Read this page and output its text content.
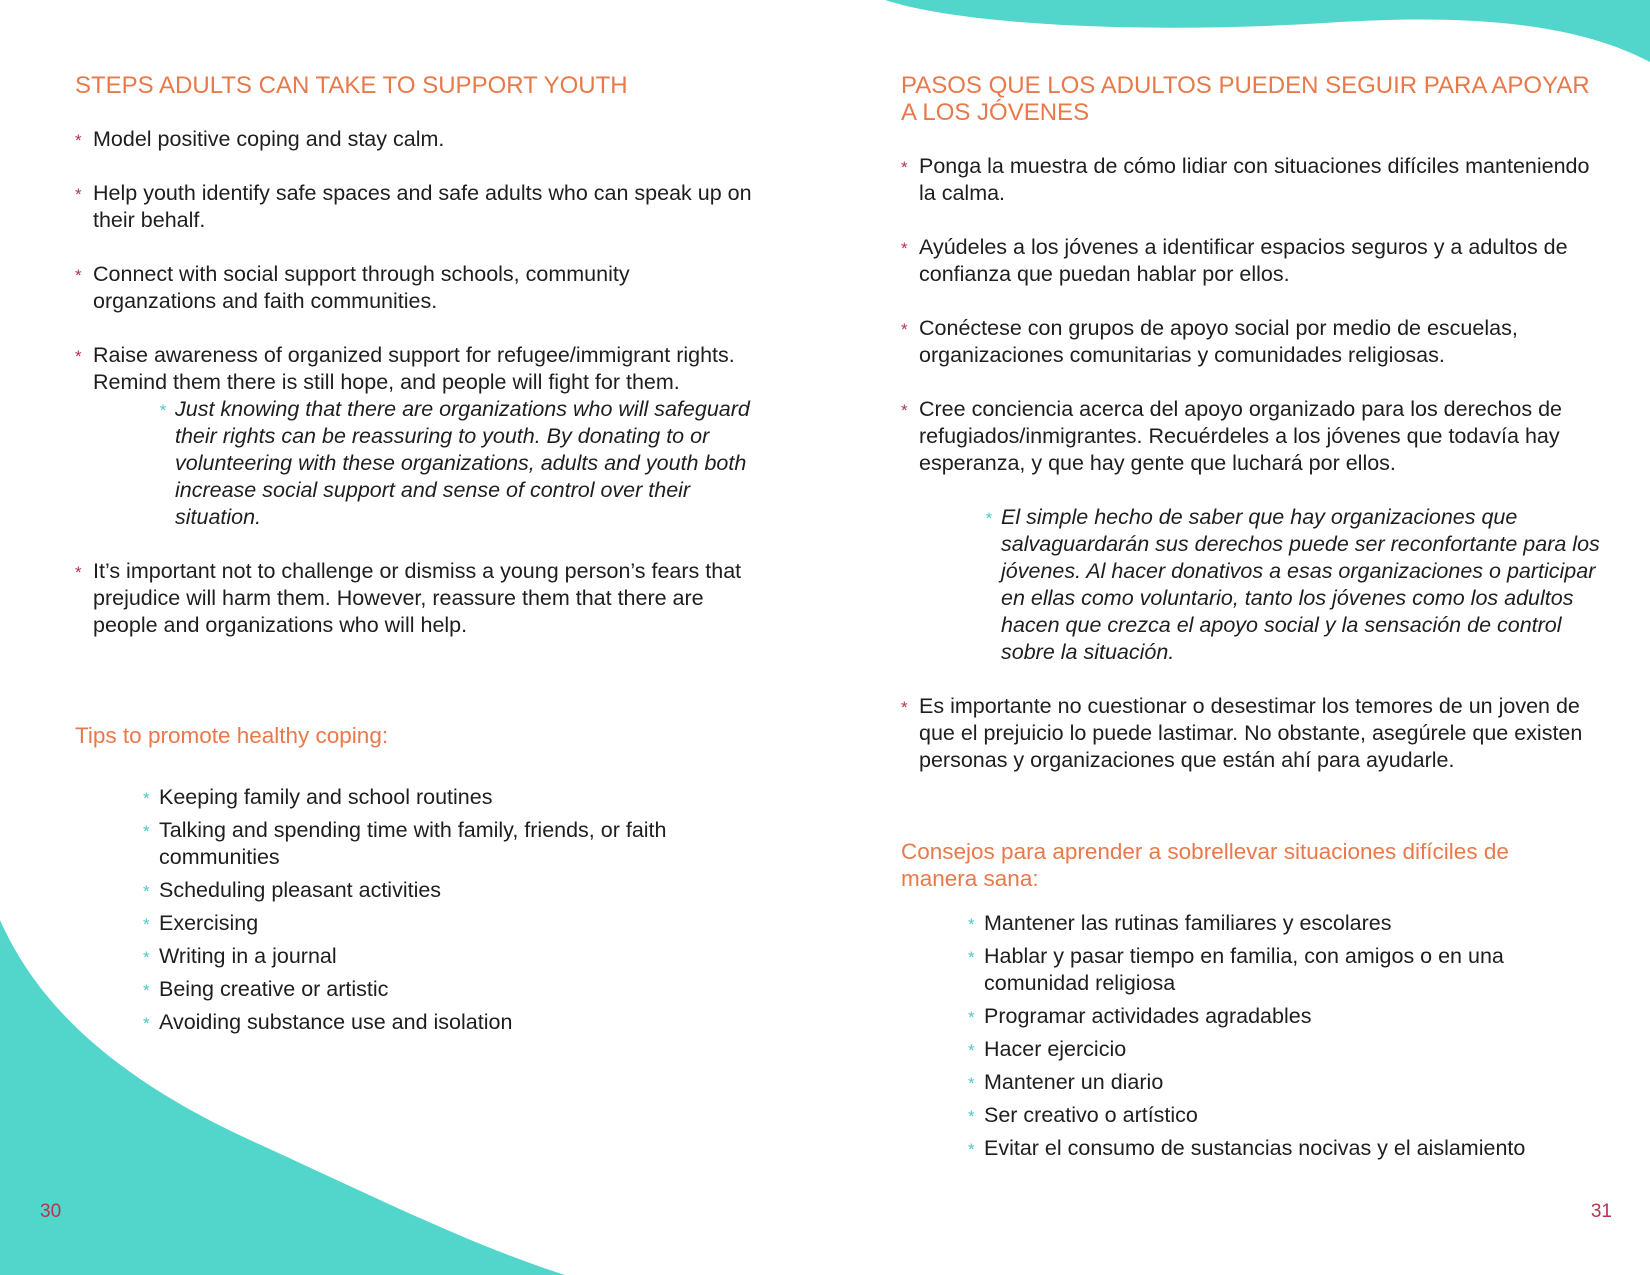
STEPS ADULTS CAN TAKE TO SUPPORT YOUTH
* Model positive coping and stay calm.
* Help youth identify safe spaces and safe adults who can speak up on their behalf.
* Connect with social support through schools, community organzations and faith communities.
* Raise awareness of organized support for refugee/immigrant rights. Remind them there is still hope, and people will fight for them.

* Just knowing that there are organizations who will safeguard their rights can be reassuring to youth. By donating to or volunteering with these organizations, adults and youth both increase social support and sense of control over their situation.

* It’s important not to challenge or dismiss a young person’s fears that prejudice will harm them. However, reassure them that there are people and organizations who will help.
Tips to promote healthy coping:
* Keeping family and school routines
* Talking and spending time with family, friends, or faith communities
* Scheduling pleasant activities
* Exercising
* Writing in a journal
* Being creative or artistic
* Avoiding substance use and isolation
30
PASOS QUE LOS ADULTOS PUEDEN SEGUIR PARA APOYAR A LOS JÓVENES
* Ponga la muestra de cómo lidiar con situaciones difíciles manteniendo la calma.
* Ayúdeles a los jóvenes a identificar espacios seguros y a adultos de confianza que puedan hablar por ellos.
* Conéctese con grupos de apoyo social por medio de escuelas, organizaciones comunitarias y comunidades religiosas.
* Cree conciencia acerca del apoyo organizado para los derechos de refugiados/inmigrantes. Recuérdeles a los jóvenes que todavía hay esperanza, y que hay gente que luchará por ellos.

* El simple hecho de saber que hay organizaciones que salvaguardarán sus derechos puede ser reconfortante para los jóvenes. Al hacer donativos a esas organizaciones o participar en ellas como voluntario, tanto los jóvenes como los adultos hacen que crezca el apoyo social y la sensación de control sobre la situación.

* Es importante no cuestionar o desestimar los temores de un joven de que el prejuicio lo puede lastimar. No obstante, asegúrele que existen personas y organizaciones que están ahí para ayudarle.
Consejos para aprender a sobrellevar situaciones difíciles de manera sana:
* Mantener las rutinas familiares y escolares
* Hablar y pasar tiempo en familia, con amigos o en una comunidad religiosa
* Programar actividades agradables
* Hacer ejercicio
* Mantener un diario
* Ser creativo o artístico
* Evitar el consumo de sustancias nocivas y el aislamiento
31
